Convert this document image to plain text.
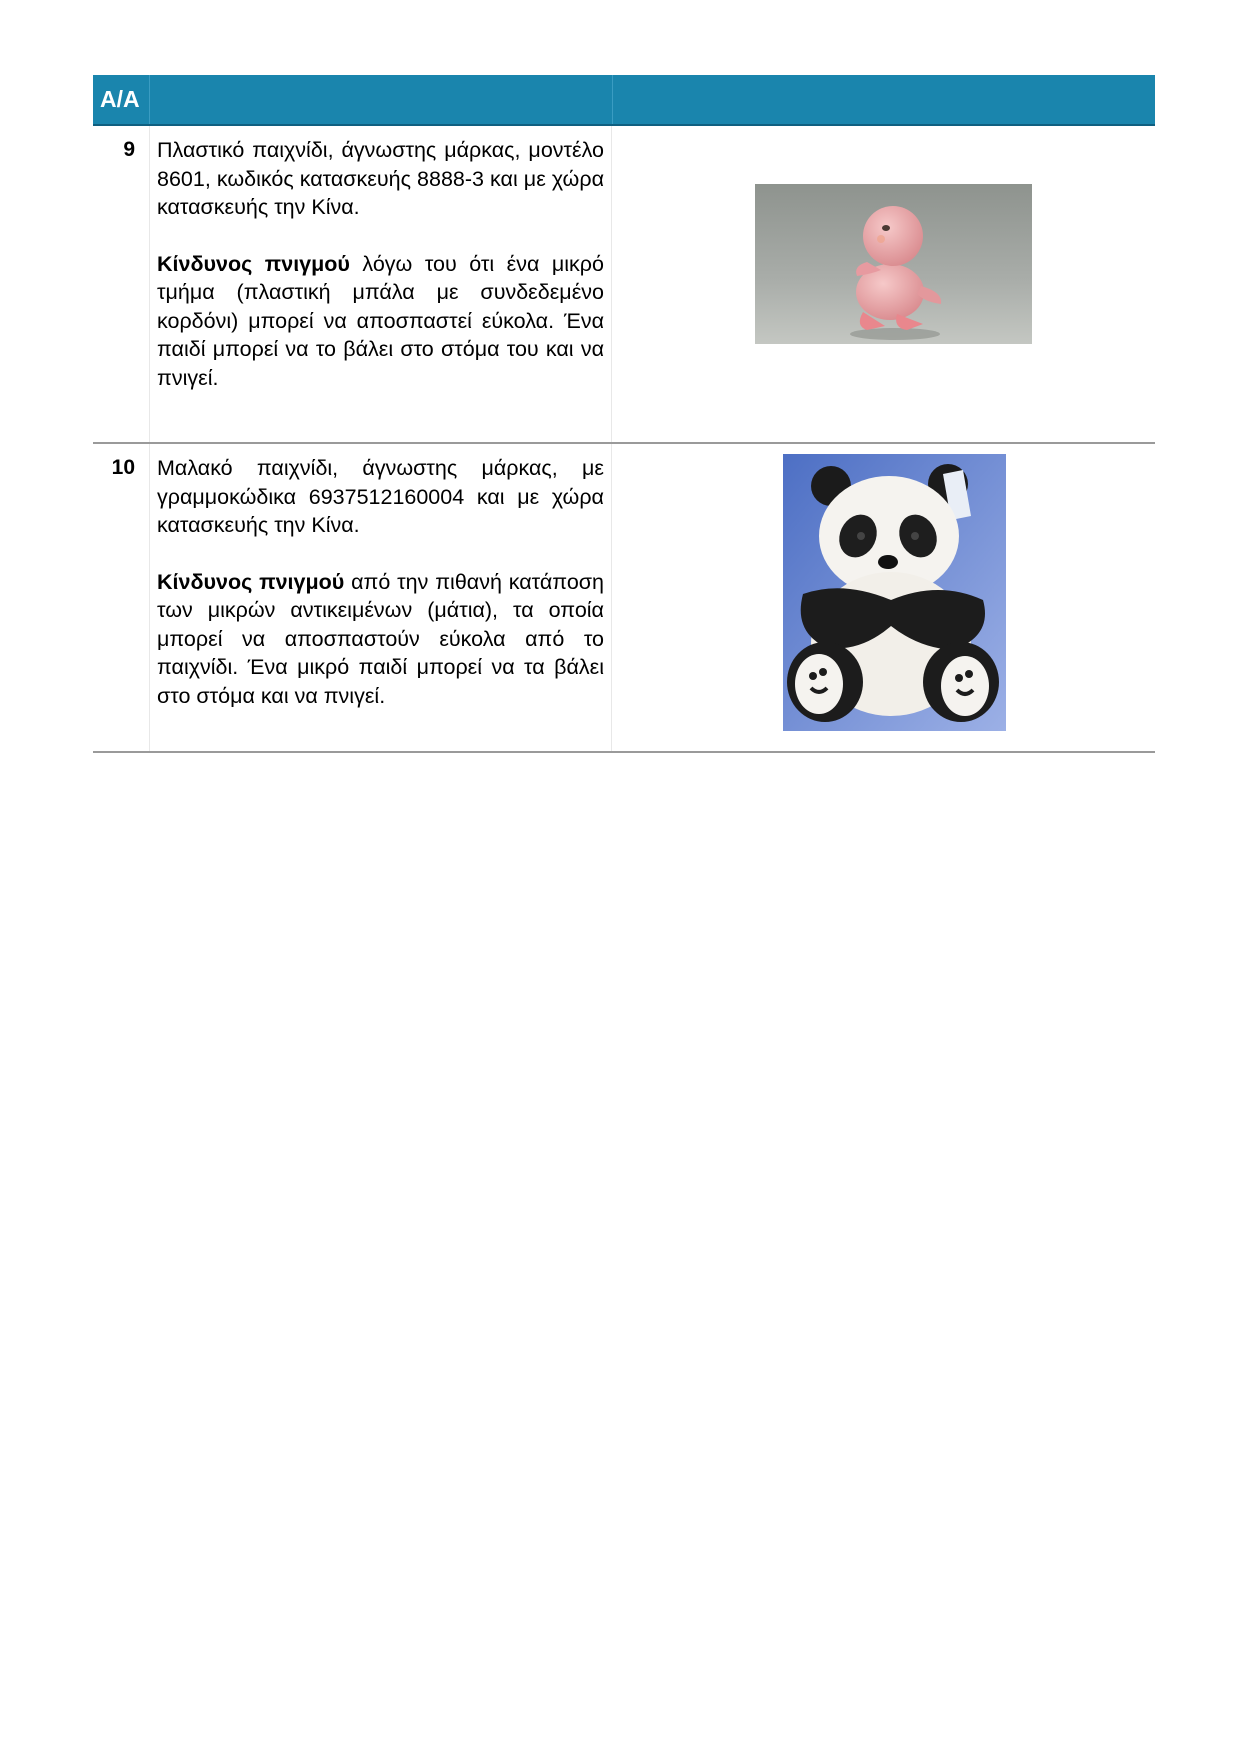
Α/Α
9	Πλαστικό παιχνίδι, άγνωστης μάρκας, μοντέλο 8601, κωδικός κατασκευής 8888-3 και με χώρα κατασκευής την Κίνα.

Κίνδυνος πνιγμού λόγω του ότι ένα μικρό τμήμα (πλαστική μπάλα με συνδεδεμένο κορδόνι) μπορεί να αποσπαστεί εύκολα. Ένα παιδί μπορεί να το βάλει στο στόμα του και να πνιγεί.

10	Μαλακό παιχνίδι, άγνωστης μάρκας, με γραμμοκώδικα 6937512160004 και με χώρα κατασκευής την Κίνα.

Κίνδυνος πνιγμού από την πιθανή κατάποση των μικρών αντικειμένων (μάτια), τα οποία μπορεί να αποσπαστούν εύκολα από το παιχνίδι. Ένα μικρό παιδί μπορεί να τα βάλει στο στόμα και να πνιγεί.
